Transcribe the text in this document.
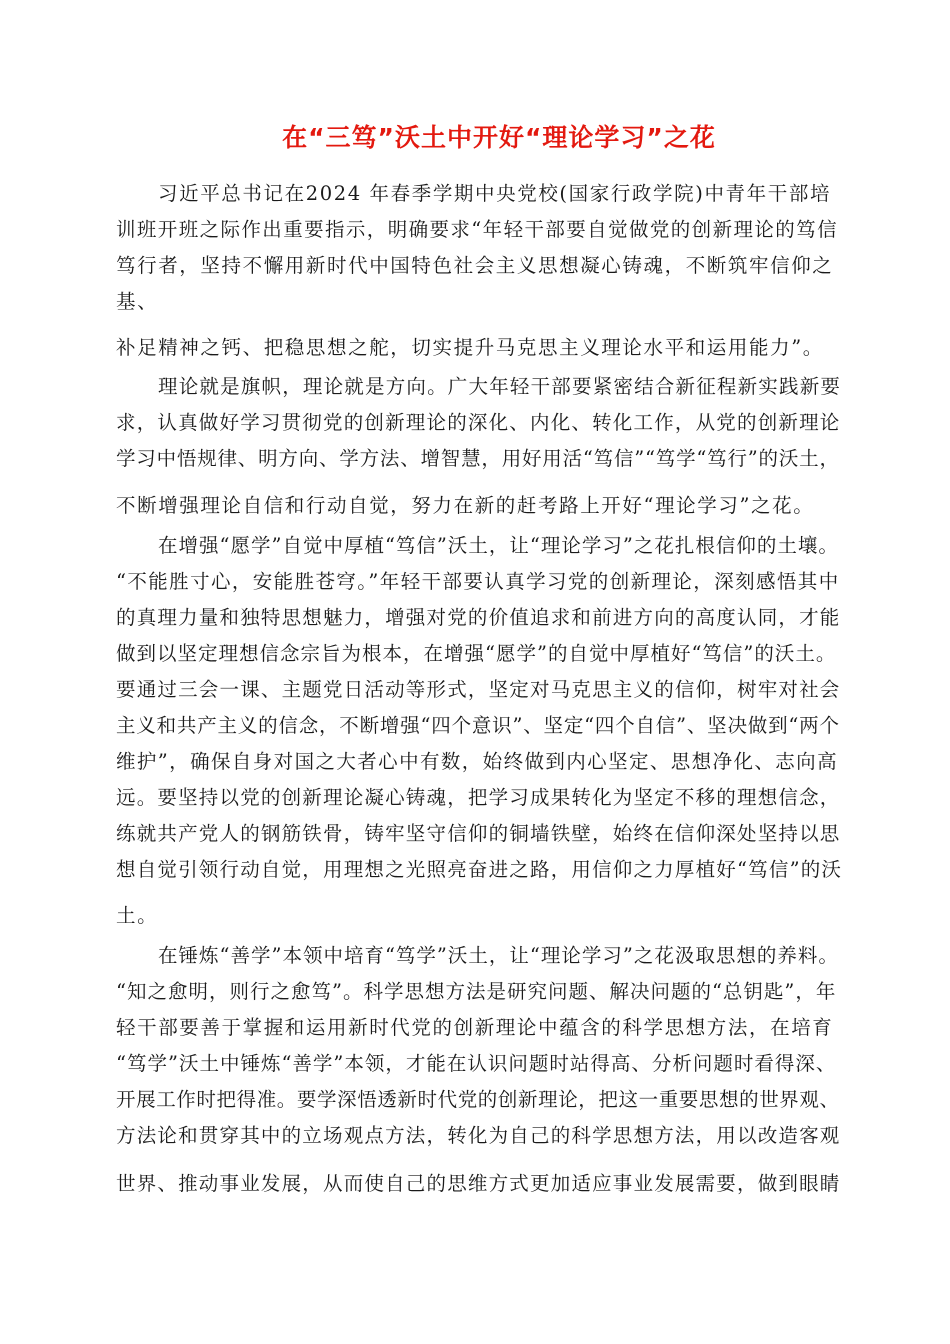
在“三笃”沃土中开好“理论学习”之花
习近平总书记在2024 年春季学期中央党校(国家行政学院)中青年干部培
训班开班之际作出重要指示，明确要求“年轻干部要自觉做党的创新理论的笃信
笃行者，坚持不懈用新时代中国特色社会主义思想凝心铸魂，不断筑牢信仰之
基、
补足精神之钙、把稳思想之舵，切实提升马克思主义理论水平和运用能力”。
理论就是旗帜，理论就是方向。广大年轻干部要紧密结合新征程新实践新要
求，认真做好学习贯彻党的创新理论的深化、内化、转化工作，从党的创新理论
学习中悟规律、明方向、学方法、增智慧，用好用活“笃信”“笃学“笃行”的沃土，
不断增强理论自信和行动自觉，努力在新的赶考路上开好“理论学习”之花。
在增强“愿学”自觉中厚植“笃信”沃土，让“理论学习”之花扎根信仰的土壤。
“不能胜寸心，安能胜苍穹。”年轻干部要认真学习党的创新理论，深刻感悟其中
的真理力量和独特思想魅力，增强对党的价值追求和前进方向的高度认同，才能
做到以坚定理想信念宗旨为根本，在增强“愿学”的自觉中厚植好“笃信”的沃土。
要通过三会一课、主题党日活动等形式，坚定对马克思主义的信仰，树牢对社会
主义和共产主义的信念，不断增强“四个意识”、坚定“四个自信”、坚决做到“两个
维护”，确保自身对国之大者心中有数，始终做到内心坚定、思想净化、志向高
远。要坚持以党的创新理论凝心铸魂，把学习成果转化为坚定不移的理想信念，
练就共产党人的钢筋铁骨，铸牢坚守信仰的铜墙铁壁，始终在信仰深处坚持以思
想自觉引领行动自觉，用理想之光照亮奋进之路，用信仰之力厚植好“笃信”的沃
土。
在锤炼“善学”本领中培育“笃学”沃土，让“理论学习”之花汲取思想的养料。
“知之愈明，则行之愈笃”。科学思想方法是研究问题、解决问题的“总钥匙”，年
轻干部要善于掌握和运用新时代党的创新理论中蕴含的科学思想方法，在培育
“笃学”沃土中锤炼“善学”本领，才能在认识问题时站得高、分析问题时看得深、
开展工作时把得准。要学深悟透新时代党的创新理论，把这一重要思想的世界观、
方法论和贯穿其中的立场观点方法，转化为自己的科学思想方法，用以改造客观
世界、推动事业发展，从而使自己的思维方式更加适应事业发展需要，做到眼睛
